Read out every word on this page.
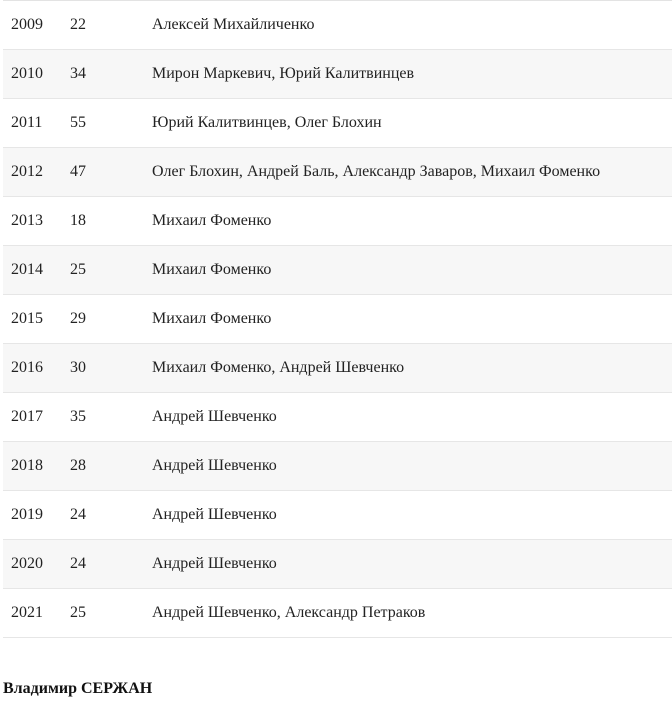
2009	22	Алексей Михайличенко
2010	34	Мирон Маркевич, Юрий Калитвинцев
2011	55	Юрий Калитвинцев, Олег Блохин
2012	47	Олег Блохин, Андрей Баль, Александр Заваров, Михаил Фоменко
2013	18	Михаил Фоменко
2014	25	Михаил Фоменко
2015	29	Михаил Фоменко
2016	30	Михаил Фоменко, Андрей Шевченко
2017	35	Андрей Шевченко
2018	28	Андрей Шевченко
2019	24	Андрей Шевченко
2020	24	Андрей Шевченко
2021	25	Андрей Шевченко, Александр Петраков
Владимир СЕРЖАН
